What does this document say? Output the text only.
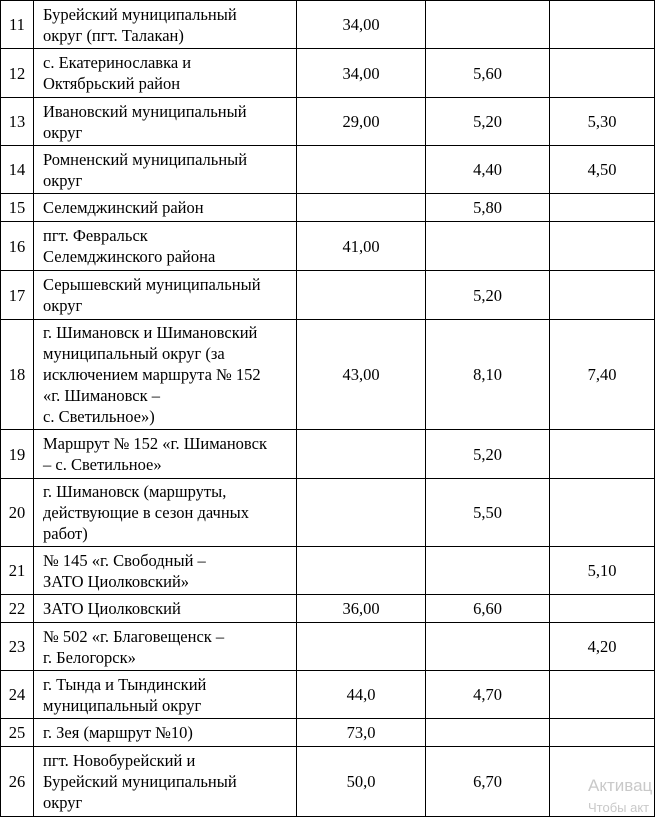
11	Бурейский муниципальный
округ (пгт. Талакан)	34,00		
12	с. Екатеринославка и
Октябрьский район	34,00	5,60	
13	Ивановский муниципальный
округ	29,00	5,20	5,30
14	Ромненский муниципальный
округ		4,40	4,50
15	Селемджинский район		5,80	
16	пгт. Февральск
Селемджинского района	41,00		
17	Серышевский муниципальный
округ		5,20	
18	г. Шимановск и Шимановский
муниципальный округ (за
исключением маршрута № 152
«г. Шимановск –
с. Светильное»)	43,00	8,10	7,40
19	Маршрут № 152 «г. Шимановск
– с. Светильное»		5,20	
20	г. Шимановск (маршруты,
действующие в сезон дачных
работ)		5,50	
21	№ 145 «г. Свободный –
ЗАТО Циолковский»			5,10
22	ЗАТО Циолковский	36,00	6,60	
23	№ 502 «г. Благовещенск –
г. Белогорск»			4,20
24	г. Тында и Тындинский
муниципальный округ	44,0	4,70	
25	г. Зея (маршрут №10)	73,0		
26	пгт. Новобурейский и
Бурейский муниципальный
округ	50,0	6,70		Активац
Чтобы акт
